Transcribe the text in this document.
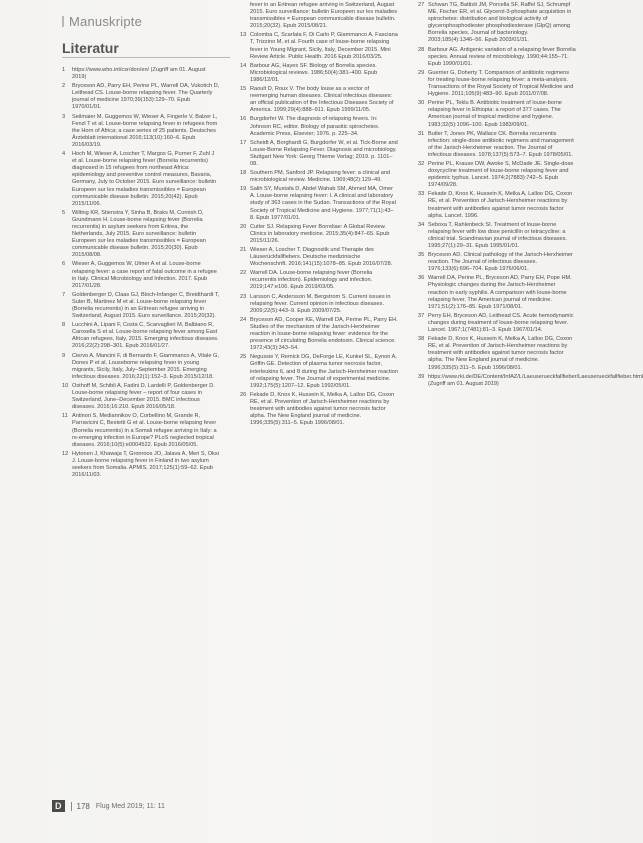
Manuskripte
Literatur
1	https://www.who.int/csr/don/en/ (Zugriff am 01. August 2019)
2	Bryceson AD, Parry EH, Perine PL, Warrell DA, Vukotich D, Leithead CS. Louse-borne relapsing fever. The Quarterly journal of medicine 1970;39(153):129–70. Epub 1970/01/01.
3	Seilmaier M, Guggemos W, Wieser A, Fingerle V, Balzer L, Fenzl T et al. Louse-borne relapsing fever in refugees from the Horn of Africa; a case series of 25 patients. Deutsches Ärzteblatt international 2016;113(10):160–6. Epub 2016/03/19.
4	Hoch M, Wieser A, Loscher T, Margos G, Purner F, Zuhl J et al. Louse-borne relapsing fever (Borrelia recurrentis) diagnosed in 15 refugees from northeast Africa: epidemiology and preventive control measures, Bavaria, Germany, July to October 2015. Euro surveillance: bulletin Europeen sur les maladies transmissibles = European communicable disease bulletin. 2015;20(42). Epub 2015/11/06.
5	Wilting KR, Stienstra Y, Sinha B, Braks M, Cornish D, Grundmann H. Louse-borne relapsing fever (Borrelia recurrentis) in asylum seekers from Eritrea, the Netherlands, July 2015. Euro surveillance: bulletin Europeen sur les maladies transmissibles = European communicable disease bulletin. 2015;20(30). Epub 2015/08/08.
6	Wieser A, Guggemos W, Ulmer A et al. Louse-borne relapsing fever: a case report of fatal outcome in a refugee in Italy. Clinical Microbiology and Infection. 2017. Epub 2017/01/28.
7	Goldenberger D, Claas GJ, Bloch-Infanger C, Breidthardt T, Suter B, Martinez M et al. Louse-borne relapsing fever (Borrelia recurrentis) in an Eritrean refugee arriving in Switzerland, August 2015. Euro surveillance. 2015;20(32).
8	Lucchini A, Lipani F, Costa C, Scarvaglieri M, Balbiano R, Carosella S et al. Louse-borne relapsing fever among East African refugees, Italy, 2015. Emerging infectious diseases. 2016;22(2):298–301. Epub 2016/01/27.
9	Ciervo A, Mancini F, di Bernardo F, Giammanco A, Vitale G, Dones P et al. Louseborne relapsing fever in young migrants, Sicily, Italy, July–September 2015. Emerging infectious diseases. 2016;22(1):152–3. Epub 2015/12/18.
10 Osthoff M, Schibli A, Fadini D, Lardelli P, Goldenberger D. Louse-borne relapsing fever – report of four cases in Switzerland, June–December 2015. BMC infectious diseases. 2016;16:210. Epub 2016/05/18.
11 Antinori S, Mediannikov O, Corbellino M, Grande R, Parravicini C, Bestetti G et al. Louse-borne relapsing fever (Borrelia recurrentis) in a Somali refugee arriving in Italy: a re-emerging infection in Europe? PLoS neglected tropical diseases. 2016;10(5):e0004522. Epub 2016/05/05.
12 Hytonen J, Khawaja T, Gronroos JO, Jalava A, Meri S, Oksi J. Louse-borne relapsing fever in Finland in two asylum seekers from Somalia. APMIS. 2017;125(1):59–62. Epub 2016/11/03.
fever in an Eritrean refugee arriving in Switzerland, August 2015. Euro surveillance: bulletin Europeen sur les maladies transmissibles = European communicable disease bulletin. 2015;20(32). Epub 2015/08/21.
13 Colomba C, Scarlata F, Di Carlo P, Giammanco A, Fasciana T, Trizzino M, et al. Fourth case of louse-borne relapsing fever in Young Migrant, Sicily, Italy, December 2015. Mini Review Article. Public Health. 2016 Epub 2016/03/25.
14 Barbour AG, Hayes SF. Biology of Borrelia species. Microbiological reviews. 1986;50(4):381–400. Epub 1986/12/01.
15 Raoult D, Roux V. The body louse as a vector of reemerging human diseases. Clinical infectious diseases: an official publication of the Infectious Diseases Society of America. 1999;29(4):888–911. Epub 1999/11/05.
16 Burgdorfer W. The diagnosis of relapsing fevers. In: Johnson RC, editor. Biology of parasitic spirochetes. Academic Press, Elsevier; 1976. p. 225–34.
17 Scheidt A, Borghardt G, Burgdorfer W, et al. Tick-Borne and Louse-Borne Relapsing Fever. Diagnosis and microbiology. Stuttgart New York: Georg Thieme Verlag; 2019. p. 1101–08.
18 Southern PM, Sanford JP. Relapsing fever: a clinical and microbiological review. Medicine. 1969;48(2):129–49.
19 Salih SY, Mustafa D, Abdel Wahab SM, Ahmed MA, Omer A. Louse-borne relapsing fever: I. A clinical and laboratory study of 363 cases in the Sudan. Transactions of the Royal Society of Tropical Medicine and Hygiene. 1977;71(1):43–8. Epub 1977/01/01.
20 Cutler SJ. Relapsing Fever Borreliae: A Global Review. Clinics in laboratory medicine. 2015;35(4):847–65. Epub 2015/11/26.
21 Wieser A, Loscher T. Diagnostik und Therapie des Läuserückfallfiebers. Deutsche medizinische Wochenschrift. 2016;141(15):1078–85. Epub 2016/07/28.
22 Warrell DA. Louse-borne relapsing fever (Borrelia recurrentis infection). Epidemiology and infection. 2019;147:e106. Epub 2019/03/05.
23 Larsson C, Andersson M, Bergstrom S. Current issues in relapsing fever. Current opinion in infectious diseases. 2009;22(5):443–9. Epub 2009/07/25.
24 Bryceson AD, Cooper KE, Warrell DA, Perine PL, Parry EH. Studies of the mechanism of the Jarisch-Herxheimer reaction in louse-borne relapsing fever: evidence for the presence of circulating Borrelia endotoxin. Clinical science. 1972;43(3):343–54.
25 Negussie Y, Remick DG, DeForge LE, Kunkel SL, Eynon A, Griffin GE. Detection of plasma tumor necrosis factor, interleukins 6, and 8 during the Jarisch-Herxheimer reaction of relapsing fever. The Journal of experimental medicine. 1992;175(5):1207–12. Epub 1992/05/01.
26 Fekade D, Knox K, Hussein K, Melka A, Lalloo DG, Coxon RE, et al. Prevention of Jarisch-Herxheimer reactions by treatment with antibodies against tumor necrosis factor alpha. The New England journal of medicine. 1996;335(5):311–5. Epub 1996/08/01.
27 Schwan TG, Battisti JM, Porcella SF, Raffel SJ, Schrumpf ME, Fischer ER, et al. Glycerol-3-phosphate acquisition in spirochetes: distribution and biological activity of glycerophosphodiester phosphodiesterase (GlpQ) among Borrelia species. Journal of bacteriology. 2003;185(4):1346–56. Epub 2003/01/31.
28 Barbour AG. Antigenic variation of a relapsing fever Borrelia species. Annual review of microbiology. 1990;44:155–71. Epub 1990/01/01.
29 Guerrier G, Doherty T. Comparison of antibiotic regimens for treating louse-borne relapsing fever: a meta-analysis. Transactions of the Royal Society of Tropical Medicine and Hygiene. 2011;105(9):483–90. Epub 2011/07/08.
30 Perine PL, Teklu B. Antibiotic treatment of louse-borne relapsing fever in Ethiopia: a report of 377 cases. The American journal of tropical medicine and hygiene. 1983;32(5):1096–100. Epub 1983/09/01.
31 Butler T, Jones PK, Wallace CK. Borrelia recurrentis infection: single-dose antibiotic regimens and management of the Jarisch-Herxheimer reaction. The Journal of infectious diseases. 1978;137(5):573–7. Epub 1978/05/01.
32 Perine PL, Krause DW, Awoke S, McDade JE. Single-dose doxycycline treatment of louse-borne relapsing fever and epidemic typhus. Lancet. 1974;2(7883):742–5. Epub 1974/09/28.
33 Fekade D, Knox K, Hussein K, Melka A, Lalloo DG, Coxon RE, et al. Prevention of Jarisch-Herxheimer reactions by treatment with antibodies against tumor necrosis factor alpha. Lancet. 1996.
34 Seboxa T, Rahlenbeck SI. Treatment of louse-borne relapsing fever with low dose penicillin or tetracycline: a clinical trial. Scandinavian journal of infectious diseases. 1995;27(1):29–31. Epub 1995/01/01.
35 Bryceson AD. Clinical pathology of the Jarisch-Herxheimer reaction. The Journal of infectious diseases. 1976;133(6):696–704. Epub 1976/06/01.
36 Warrell DA, Perine PL, Bryceson AD, Parry EH, Pope HM. Physiologic changes during the Jarisch-Herxheimer reaction in early syphilis. A comparison with louse-borne relapsing fever. The American journal of medicine. 1971;51(2):176–85. Epub 1971/08/01.
37 Perry EH, Bryceson AD, Leithead CS. Acute hemodynamic changes during treatment of louse-borne relapsing fever. Lancet. 1967;1(7481):81–3. Epub 1967/01/14.
38 Fekade D, Knox K, Hussein K, Melka A, Lalloo DG, Coxon RE, et al. Prevention of Jarisch-Herxheimer reactions by treatment with antibodies against tumor necrosis factor alpha. The New England journal of medicine. 1996;335(5):311–5. Epub 1996/08/01.
39 https://www.rki.de/DE/Content/InfAZ/L/Laeuserueckfallfieber/Laeuserueckfallfieber.html (Zugriff am 01. August 2019)
D	178 Flug Med 2019; 11: 11
